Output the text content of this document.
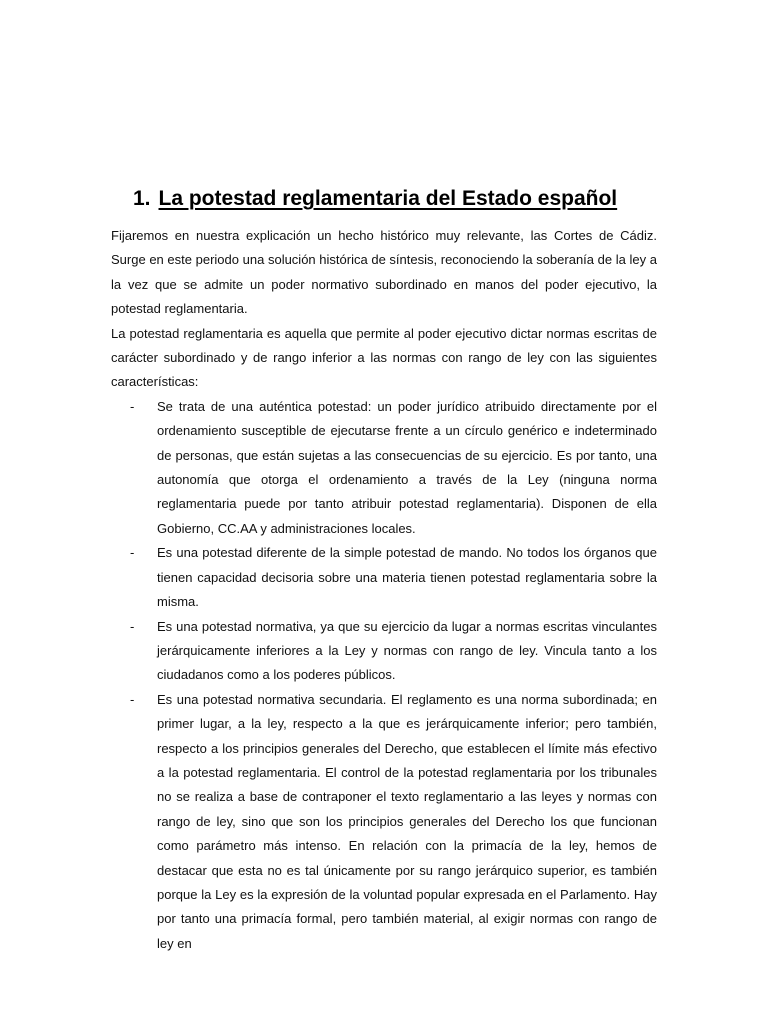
1. La potestad reglamentaria del Estado español

Fijaremos en nuestra explicación un hecho histórico muy relevante, las Cortes de Cádiz. Surge en este periodo una solución histórica de síntesis, reconociendo la soberanía de la ley a la vez que se admite un poder normativo subordinado en manos del poder ejecutivo, la potestad reglamentaria.

La potestad reglamentaria es aquella que permite al poder ejecutivo dictar normas escritas de carácter subordinado y de rango inferior a las normas con rango de ley con las siguientes características:

- Se trata de una auténtica potestad: un poder jurídico atribuido directamente por el ordenamiento susceptible de ejecutarse frente a un círculo genérico e indeterminado de personas, que están sujetas a las consecuencias de su ejercicio. Es por tanto, una autonomía que otorga el ordenamiento a través de la Ley (ninguna norma reglamentaria puede por tanto atribuir potestad reglamentaria). Disponen de ella Gobierno, CC.AA y administraciones locales.
- Es una potestad diferente de la simple potestad de mando. No todos los órganos que tienen capacidad decisoria sobre una materia tienen potestad reglamentaria sobre la misma.
- Es una potestad normativa, ya que su ejercicio da lugar a normas escritas vinculantes jerárquicamente inferiores a la Ley y normas con rango de ley. Vincula tanto a los ciudadanos como a los poderes públicos.
- Es una potestad normativa secundaria. El reglamento es una norma subordinada; en primer lugar, a la ley, respecto a la que es jerárquicamente inferior; pero también, respecto a los principios generales del Derecho, que establecen el límite más efectivo a la potestad reglamentaria. El control de la potestad reglamentaria por los tribunales no se realiza a base de contraponer el texto reglamentario a las leyes y normas con rango de ley, sino que son los principios generales del Derecho los que funcionan como parámetro más intenso. En relación con la primacía de la ley, hemos de destacar que esta no es tal únicamente por su rango jerárquico superior, es también porque la Ley es la expresión de la voluntad popular expresada en el Parlamento. Hay por tanto una primacía formal, pero también material, al exigir normas con rango de ley en
